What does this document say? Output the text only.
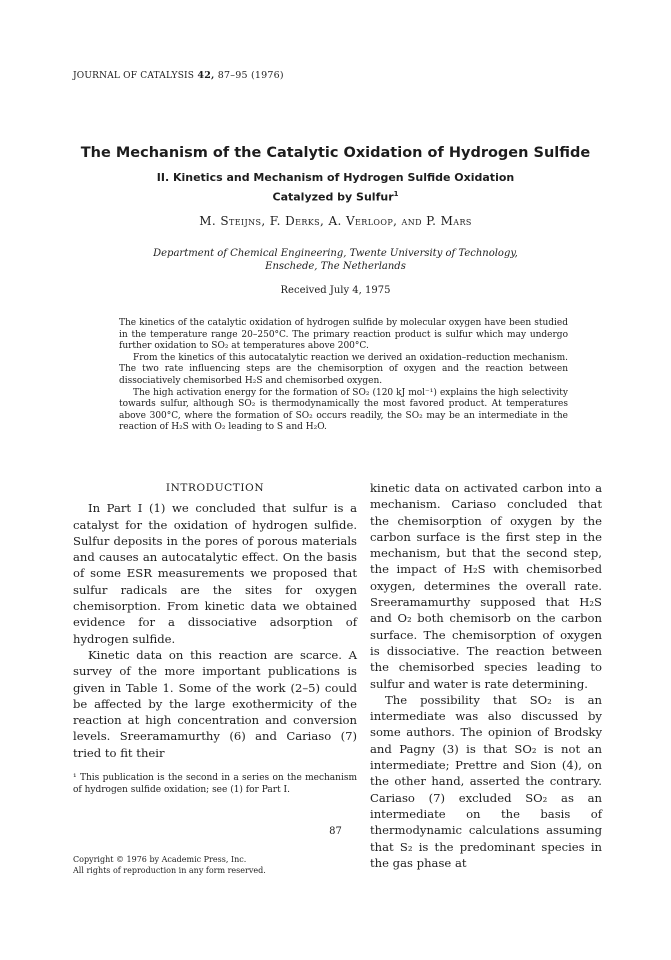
JOURNAL OF CATALYSIS 42, 87–95 (1976)
The Mechanism of the Catalytic Oxidation of Hydrogen Sulfide
II. Kinetics and Mechanism of Hydrogen Sulfide Oxidation
Catalyzed by Sulfur$^1$
M. Steijns, F. Derks, A. Verloop, and P. Mars
Department of Chemical Engineering, Twente University of Technology,
Enschede, The Netherlands
Received July 4, 1975

The kinetics of the catalytic oxidation of hydrogen sulfide by molecular oxygen have been studied in the temperature range 20–250°C. The primary reaction product is sulfur which may undergo further oxidation to SO₂ at temperatures above 200°C.

From the kinetics of this autocatalytic reaction we derived an oxidation–reduction mechanism. The two rate influencing steps are the chemisorption of oxygen and the reaction between dissociatively chemisorbed H₂S and chemisorbed oxygen.

The high activation energy for the formation of SO₂ (120 kJ mol⁻¹) explains the high selectivity towards sulfur, although SO₂ is thermodynamically the most favored product. At temperatures above 300°C, where the formation of SO₂ occurs readily, the SO₂ may be an intermediate in the reaction of H₂S with O₂ leading to S and H₂O.

INTRODUCTION

In Part I (1) we concluded that sulfur is a catalyst for the oxidation of hydrogen sulfide. Sulfur deposits in the pores of porous materials and causes an autocatalytic effect. On the basis of some ESR measurements we proposed that sulfur radicals are the sites for oxygen chemisorption. From kinetic data we obtained evidence for a dissociative adsorption of hydrogen sulfide.

Kinetic data on this reaction are scarce. A survey of the more important publications is given in Table 1. Some of the work (2–5) could be affected by the large exothermicity of the reaction at high concentration and conversion levels. Sreeramamurthy (6) and Cariaso (7) tried to fit their

kinetic data on activated carbon into a mechanism. Cariaso concluded that the chemisorption of oxygen by the carbon surface is the first step in the mechanism, but that the second step, the impact of H₂S with chemisorbed oxygen, determines the overall rate. Sreeramamurthy supposed that H₂S and O₂ both chemisorb on the carbon surface. The chemisorption of oxygen is dissociative. The reaction between the chemisorbed species leading to sulfur and water is rate determining.

The possibility that SO₂ is an intermediate was also discussed by some authors. The opinion of Brodsky and Pagny (3) is that SO₂ is not an intermediate; Prettre and Sion (4), on the other hand, asserted the contrary. Cariaso (7) excluded SO₂ as an intermediate on the basis of thermodynamic calculations assuming that S₂ is the predominant species in the gas phase at

¹ This publication is the second in a series on the mechanism of hydrogen sulfide oxidation; see (1) for Part I.
87
Copyright © 1976 by Academic Press, Inc.
All rights of reproduction in any form reserved.
